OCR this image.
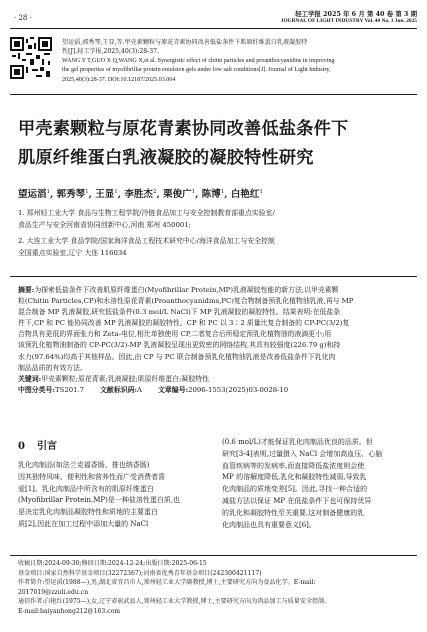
· 28 ·	轻工学报 2025 年 6 月 第 40 卷 第 3 期
JOURNAL OF LIGHT INDUSTRY Vol. 40 No. 3 Jun. 2025
望运滔,郭秀琴,王显,等.甲壳素颗粒与原花青素协同改善低盐条件下肌原纤维蛋白乳液凝胶特
性[J].轻工学报,2025,40(3):28-37.
WANG Y T,GUO X Q,WANG X,et al. Synergistic effect of chitin particles and proanthocyanidins in improving
the gel properties of myofibrillar protein emulsion gels under low salt conditions[J]. Journal of Light Industry,
2025,40(3):28-37. DOI:10.12187/2025.03.004
甲壳素颗粒与原花青素协同改善低盐条件下
肌原纤维蛋白乳液凝胶的凝胶特性研究
望运滔$^1$, 郭秀琴$^1$, 王显$^1$, 李胜杰$^2$, 栗俊广$^1$, 陈博$^1$, 白艳红$^1$
1. 郑州轻工业大学 食品与生物工程学院/冷链食品加工与安全控制教育部重点实验室/
食品生产与安全河南省协同创新中心,河南 郑州 450001;
2. 大连工业大学 食品学院/国家海洋食品工程技术研究中心/海洋食品加工与安全控制
全国重点实验室,辽宁 大连 116034
摘要:为探索低盐条件下改善肌原纤维蛋白(Myofibrillar Protein,MP)乳液凝胶性能的新方法,以甲壳素颗
粒(Chitin Particles,CP)和水溶性原花青素(Proanthocyanidins,PC)复合物制备预乳化植物油乳液,再与 MP
混合制备 MP 乳液凝胶,研究低盐条件(0.3 mol/L NaCl)下 MP 乳液凝胶的凝胶特性。结果表明:在低盐条
件下,CP 和 PC 能协同改善 MP 乳液凝胶的凝胶特性。CP 和 PC 以 3∶2 质量比复合制备的 CP-PC(3/2)复
合物具有更低的界面张力和 Zeta-电位,相比单独使用 CP,二者复合后所稳定预乳化植物油的液滴更小;用
该预乳化植物油制备的 CP-PC(3/2)-MP 乳液凝胶呈现出更致密的网络结构,其具有较强度(226.79 g)和持
水力(97.64%)均高于其他样品。因此,由 CP 与 PC 联合制备预乳化植物油乳液是改善低盐条件下乳化肉
制品品质的有效方法。
关键词:甲壳素颗粒;原花青素;乳液凝胶;肌原纤维蛋白;凝胶特性
中图分类号:TS201.7 文献标识码:A 文章编号:2096-1553(2025)03-0028-10
0 引言
乳化肉制品(如法兰克福香肠、推也纳香肠)
因其独特风味、便利性和营养性而广受消费者喜
爱[1]。乳化肉制品中所含有的肌原纤维蛋白
(Myofibrillar Protein,MP)是一种盐溶性蛋白质,也
是决定乳化肉制品凝胶特性和质地的主要蛋白
质[2],因此在加工过程中添加大量的 NaCl
(0.6 mol/L)才能保证乳化肉制品优良的品质。但
研究[3-4]表明,过量摄入 NaCl 会增加高血压、心脑
血管疾病等的发病率,而直接降低盐浓度则会使
MP 的溶解度降低,乳化和凝胶特性减弱,导致乳
化肉制品的质地变差[5]。因此,寻找一种合适的
减盐方法以保证 MP 在低盐条件下也可保持优异
的乳化和凝胶特性至关重要,这对制备健康的乳
化肉制品也具有重要意义[6]。
收稿日期:2024-09-30;修回日期:2024-12-24;出版日期:2025-06-15
基金项目:国家自然科学基金项目(32272367);河南省优秀青年基金项目(242300421117)
作者简介:望运滔(1988—),男,湖北省宜昌市人,郑州轻工业大学副教授,博士,主要研究方向为食品化学。E-mail:
2017019@zzuli.edu.cn
通信作者:白艳红(1975—),女,辽宁省彰武县人,郑州轻工业大学教授,博士,主要研究方向为肉品加工与质量安全控制。
E-mail:baiyanhong212@163.com
